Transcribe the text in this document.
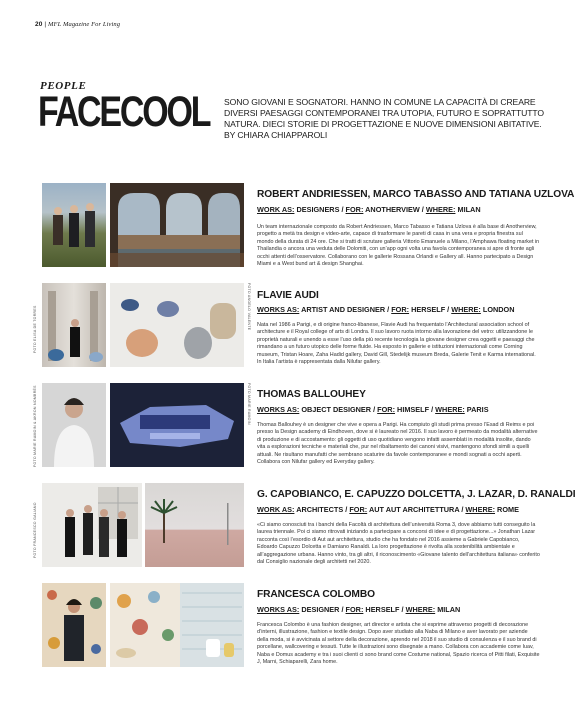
20 | MFL Magazine For Living
PEOPLE
FACECOOL SONO GIOVANI E SOGNATORI. HANNO IN COMUNE LA CAPACITÀ DI CREARE DIVERSI PAESAGGI CONTEMPORANEI TRA UTOPIA, FUTURO E SOPRATTUTTO NATURA. DIECI STORIE DI PROGETTAZIONE E NUOVE DIMENSIONI ABITATIVE. BY CHIARA CHIAPPAROLI
ROBERT ANDRIESSEN, MARCO TABASSO AND TATIANA UZLOVA
WORK AS: DESIGNERS / FOR: ANOTHERVIEW / WHERE: MILAN
Un team internazionale composto da Robert Andriessen, Marco Tabasso e Tatiana Uzlova è alla base di Anotherview, progetto a metà tra design e video-arte, capace di trasformare le pareti di casa in una vera e propria finestra sul mondo della durata di 24 ore. Che si tratti di scrutare galleria Vittorio Emanuele a Milano, l’Amphawa floating market in Thailandia o ancora una veduta delle Dolomiti, con un’app ogni volta una favola contemporanea si apre di fronte agli occhi attenti dell’osservatore. Collaborano con le gallerie Rossana Orlandi e Gallery all. Hanno partecipato a Design Miami e a West bund art & design Shanghai.
FOTO ELISA DE TORRES	FOTO ANGELO VALENTE FLAVIE AUDI
WORKS AS: ARTIST AND DESIGNER / FOR: HERSELF / WHERE: LONDON
Nata nel 1986 a Parigi, e di origine franco-libanese, Flavie Audi ha frequentato l’Architectural association school of architecture e il Royal college of arts di Londra. Il suo lavoro ruota intorno alla lavorazione del vetro: utilizzandone le proprietà naturali e unendo a esse l’uso della più recente tecnologia la giovane designer crea oggetti e paesaggi che rimandano a un futuro utopico delle forme fluide. Ha esposto in gallerie e istituzioni internazionali come Corning museum, Tristan Hoare, Zaha Hadid gallery, David Gill, Stedelijk museum Breda, Galerie Tenit e Karma international. In Italia l’artista è rappresentata dalla Nilufar gallery.
FOTO MARIE RAMOIN & AKRON NOMBRÉS	FOTO MARIE RAMOIN THOMAS BALLOUHEY
WORKS AS: OBJECT DESIGNER / FOR: HIMSELF / WHERE: PARIS
Thomas Ballouhey è un designer che vive e opera a Parigi. Ha compiuto gli studi prima presso l’Esad di Reims e poi presso la Design academy di Eindhoven, dove si è laureato nel 2016. Il suo lavoro è permeato da modalità alternative di produzione e di accostamento: gli oggetti di uso quotidiano vengono infatti assemblati in modalità insolite, dando vita a esplorazioni tecniche e materiali che, pur nel ribaltamento dei canoni visivi, mantengono sfondi simili a quelli attuali. Ne risultano manufatti che sembrano scaturire da favole contemporanee e mondi sognati a occhi aperti. Collabora con Nilufar gallery ed Everyday gallery.
FOTO FRANCESCO GALIANO
G. CAPOBIANCO, E. CAPUZZO DOLCETTA, J. LAZAR, D. RANALDI
WORK AS: ARCHITECTS / FOR: AUT AUT ARCHITETTURA / WHERE: ROME
«Ci siamo conosciuti tra i banchi della Facoltà di architettura dell’università Roma 3, dove abbiamo tutti conseguito la laurea triennale. Poi ci siamo ritrovati iniziando a partecipare a concorsi di idee e di progettazione...» Jonathan Lazar racconta così l’esordio di Aut aut architettura, studio che ha fondato nel 2016 assieme a Gabriele Capobianco, Edoardo Capuzzo Dolcetta e Damiano Ranaldi. La loro progettazione è rivolta alla sostenibilità ambientale e all’aggregazione urbana. Hanno vinto, tra gli altri, il riconoscimento «Giovane talento dell’architettura italiana» conferito dal Consiglio nazionale degli architetti nel 2020.
FRANCESCA COLOMBO
WORKS AS: DESIGNER / FOR: HERSELF / WHERE: MILAN
Francesca Colombo è una fashion designer, art director e artista che si esprime attraverso progetti di decorazione d’interni, illustrazione, fashion e textile design. Dopo aver studiato alla Naba di Milano e aver lavorato per aziende della moda, si è avvicinata al settore della decorazione, aprendo nel 2018 il suo studio di consulenza e il suo brand di porcellane, wallcovering e tessuti. Tutte le illustrazioni sono disegnate a mano. Collabora con accademie come Iuav, Naba e Domus academy e tra i suoi clienti ci sono brand come Costume national, Spazio ricerca of Pitti filati, Exquisite J, Marni, Schiaparelli, Zara home.
